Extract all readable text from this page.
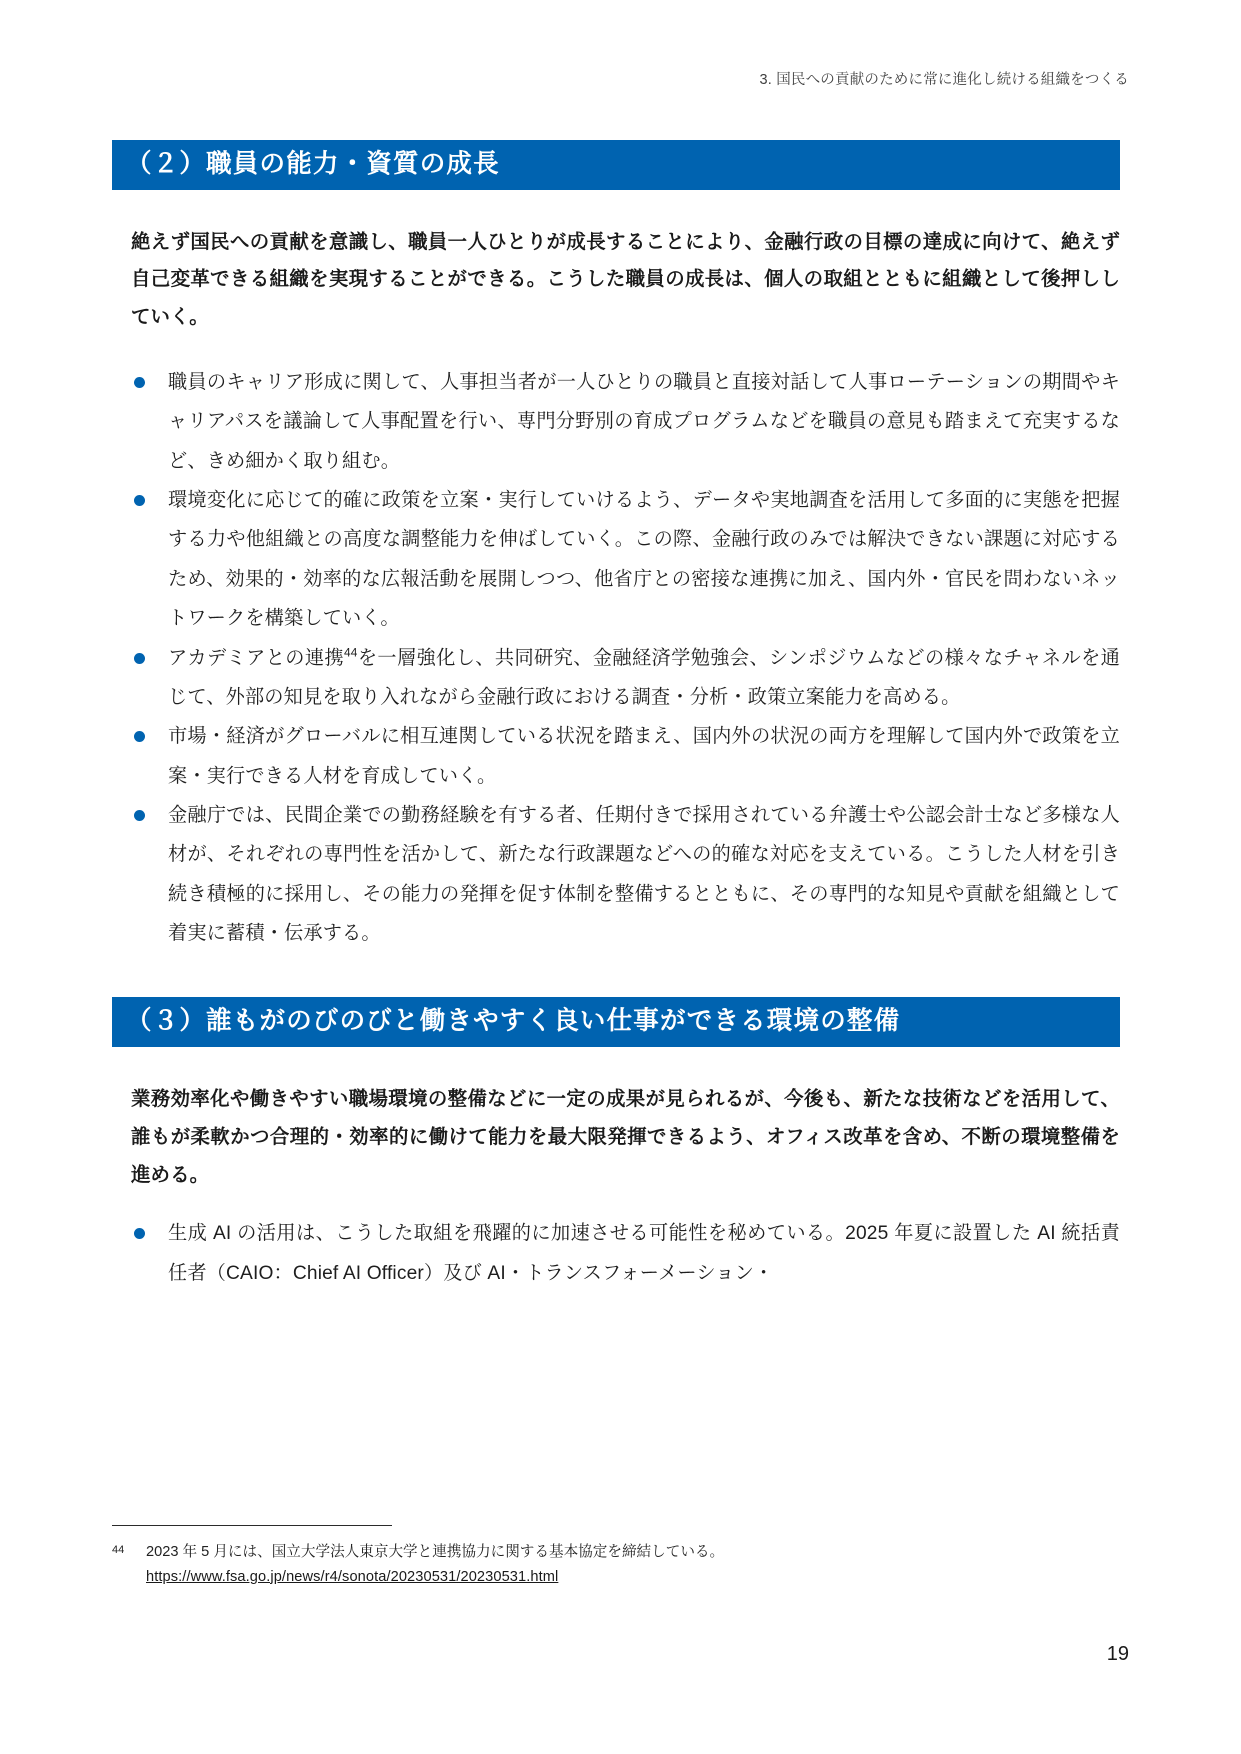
3. 国民への貢献のために常に進化し続ける組織をつくる
（２）職員の能力・資質の成長

絶えず国民への貢献を意識し、職員一人ひとりが成長することにより、金融行政の目標の達成に向けて、絶えず自己変革できる組織を実現することができる。こうした職員の成長は、個人の取組とともに組織として後押ししていく。

職員のキャリア形成に関して、人事担当者が一人ひとりの職員と直接対話して人事ローテーションの期間やキャリアパスを議論して人事配置を行い、専門分野別の育成プログラムなどを職員の意見も踏まえて充実するなど、きめ細かく取り組む。
環境変化に応じて的確に政策を立案・実行していけるよう、データや実地調査を活用して多面的に実態を把握する力や他組織との高度な調整能力を伸ばしていく。この際、金融行政のみでは解決できない課題に対応するため、効果的・効率的な広報活動を展開しつつ、他省庁との密接な連携に加え、国内外・官民を問わないネットワークを構築していく。
アカデミアとの連携$^{44}$を一層強化し、共同研究、金融経済学勉強会、シンポジウムなどの様々なチャネルを通じて、外部の知見を取り入れながら金融行政における調査・分析・政策立案能力を高める。
市場・経済がグローバルに相互連関している状況を踏まえ、国内外の状況の両方を理解して国内外で政策を立案・実行できる人材を育成していく。
金融庁では、民間企業での勤務経験を有する者、任期付きで採用されている弁護士や公認会計士など多様な人材が、それぞれの専門性を活かして、新たな行政課題などへの的確な対応を支えている。こうした人材を引き続き積極的に採用し、その能力の発揮を促す体制を整備するとともに、その専門的な知見や貢献を組織として着実に蓄積・伝承する。
（３）誰もがのびのびと働きやすく良い仕事ができる環境の整備

業務効率化や働きやすい職場環境の整備などに一定の成果が見られるが、今後も、新たな技術などを活用して、誰もが柔軟かつ合理的・効率的に働けて能力を最大限発揮できるよう、オフィス改革を含め、不断の環境整備を進める。

生成 AI の活用は、こうした取組を飛躍的に加速させる可能性を秘めている。2025 年夏に設置した AI 統括責任者（CAIO：Chief AI Officer）及び AI・トランスフォーメーション・
44	2023 年 5 月には、国立大学法人東京大学と連携協力に関する基本協定を締結している。
https://www.fsa.go.jp/news/r4/sonota/20230531/20230531.html
19
